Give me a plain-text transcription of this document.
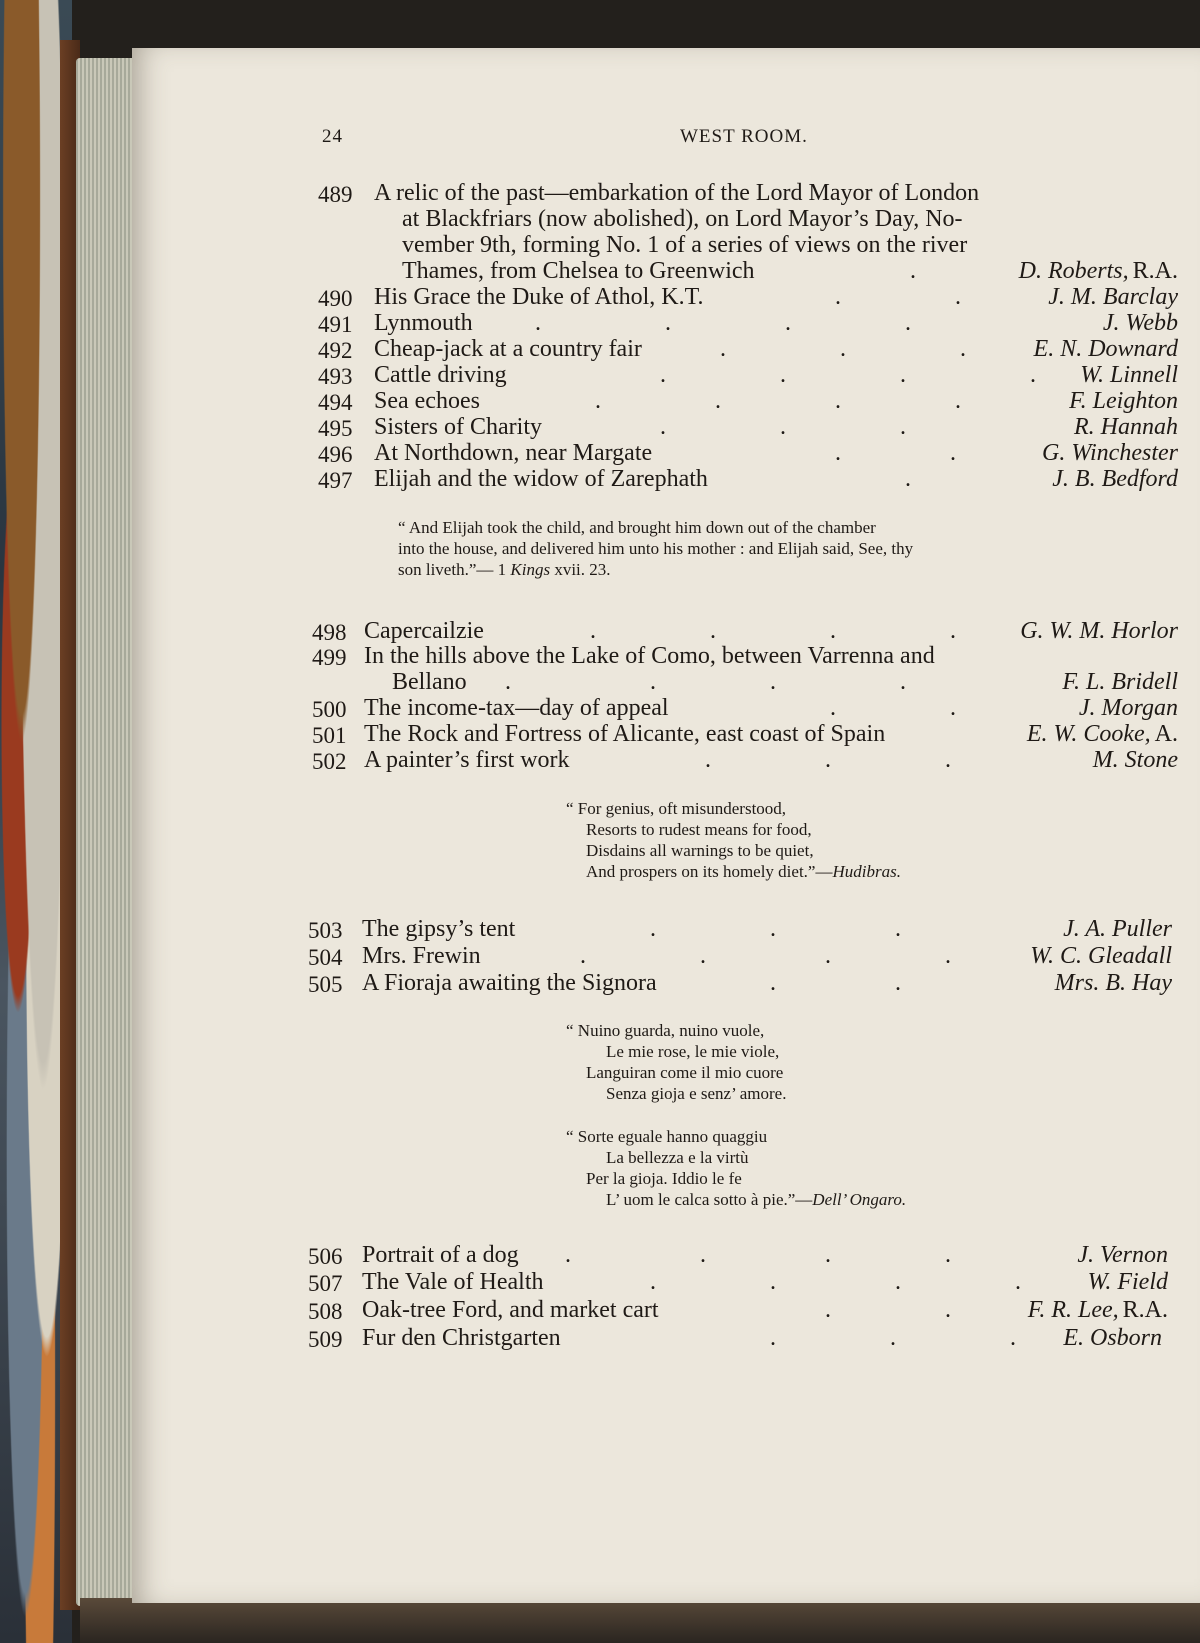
24	WEST ROOM.
489 A relic of the past—embarkation of the Lord Mayor of London
at Blackfriars (now abolished), on Lord Mayor’s Day, No-
vember 9th, forming No. 1 of a series of views on the river
Thames, from Chelsea to Greenwich	.	D. Roberts, R.A.
490 His Grace the Duke of Athol, K.T.	.	.	J. M. Barclay
491 Lynmouth	.	.	.	.	J. Webb
492 Cheap-jack at a country fair	.	.	.	E. N. Downard
493 Cattle driving	.	.	.	. W. Linnell
494 Sea echoes	.	.	.	.	F. Leighton
495 Sisters of Charity	.	.	.	R. Hannah
496 At Northdown, near Margate	.	.	G. Winchester
497 Elijah and the widow of Zarephath	.	J. B. Bedford
“ And Elijah took the child, and brought him down out of the chamber
into the house, and delivered him unto his mother : and Elijah said, See, thy
son liveth.”— 1 Kings xvii. 23.
498 Capercailzie	.	.	.	.	G. W. M. Horlor
499 In the hills above the Lake of Como, between Varrenna and
Bellano .	.	.	.	F. L. Bridell
500 The income-tax—day of appeal	.	.	J. Morgan
501 The Rock and Fortress of Alicante, east coast of Spain	E. W. Cooke, A.
502 A painter’s first work	.	.	.	M. Stone
“ For genius, oft misunderstood,
Resorts to rudest means for food,
Disdains all warnings to be quiet,
And prospers on its homely diet.”—Hudibras.
503 The gipsy’s tent	.	.	.	J. A. Puller
504 Mrs. Frewin	.	.	.	.	W. C. Gleadall
505 A Fioraja awaiting the Signora	.	.	Mrs. B. Hay
“ Nuino guarda, nuino vuole,
Le mie rose, le mie viole,
Languiran come il mio cuore
Senza gioja e senz’ amore.
“ Sorte eguale hanno quaggiu
La bellezza e la virtù
Per la gioja. Iddio le fe
L’ uom le calca sotto à pie.”—Dell’ Ongaro.
506 Portrait of a dog .	.	.	.	J. Vernon
507 The Vale of Health	.	.	.	.	W. Field
508 Oak-tree Ford, and market cart	.	.	F. R. Lee, R.A.
509 Fur den Christgarten	.	.	. E. Osborn
